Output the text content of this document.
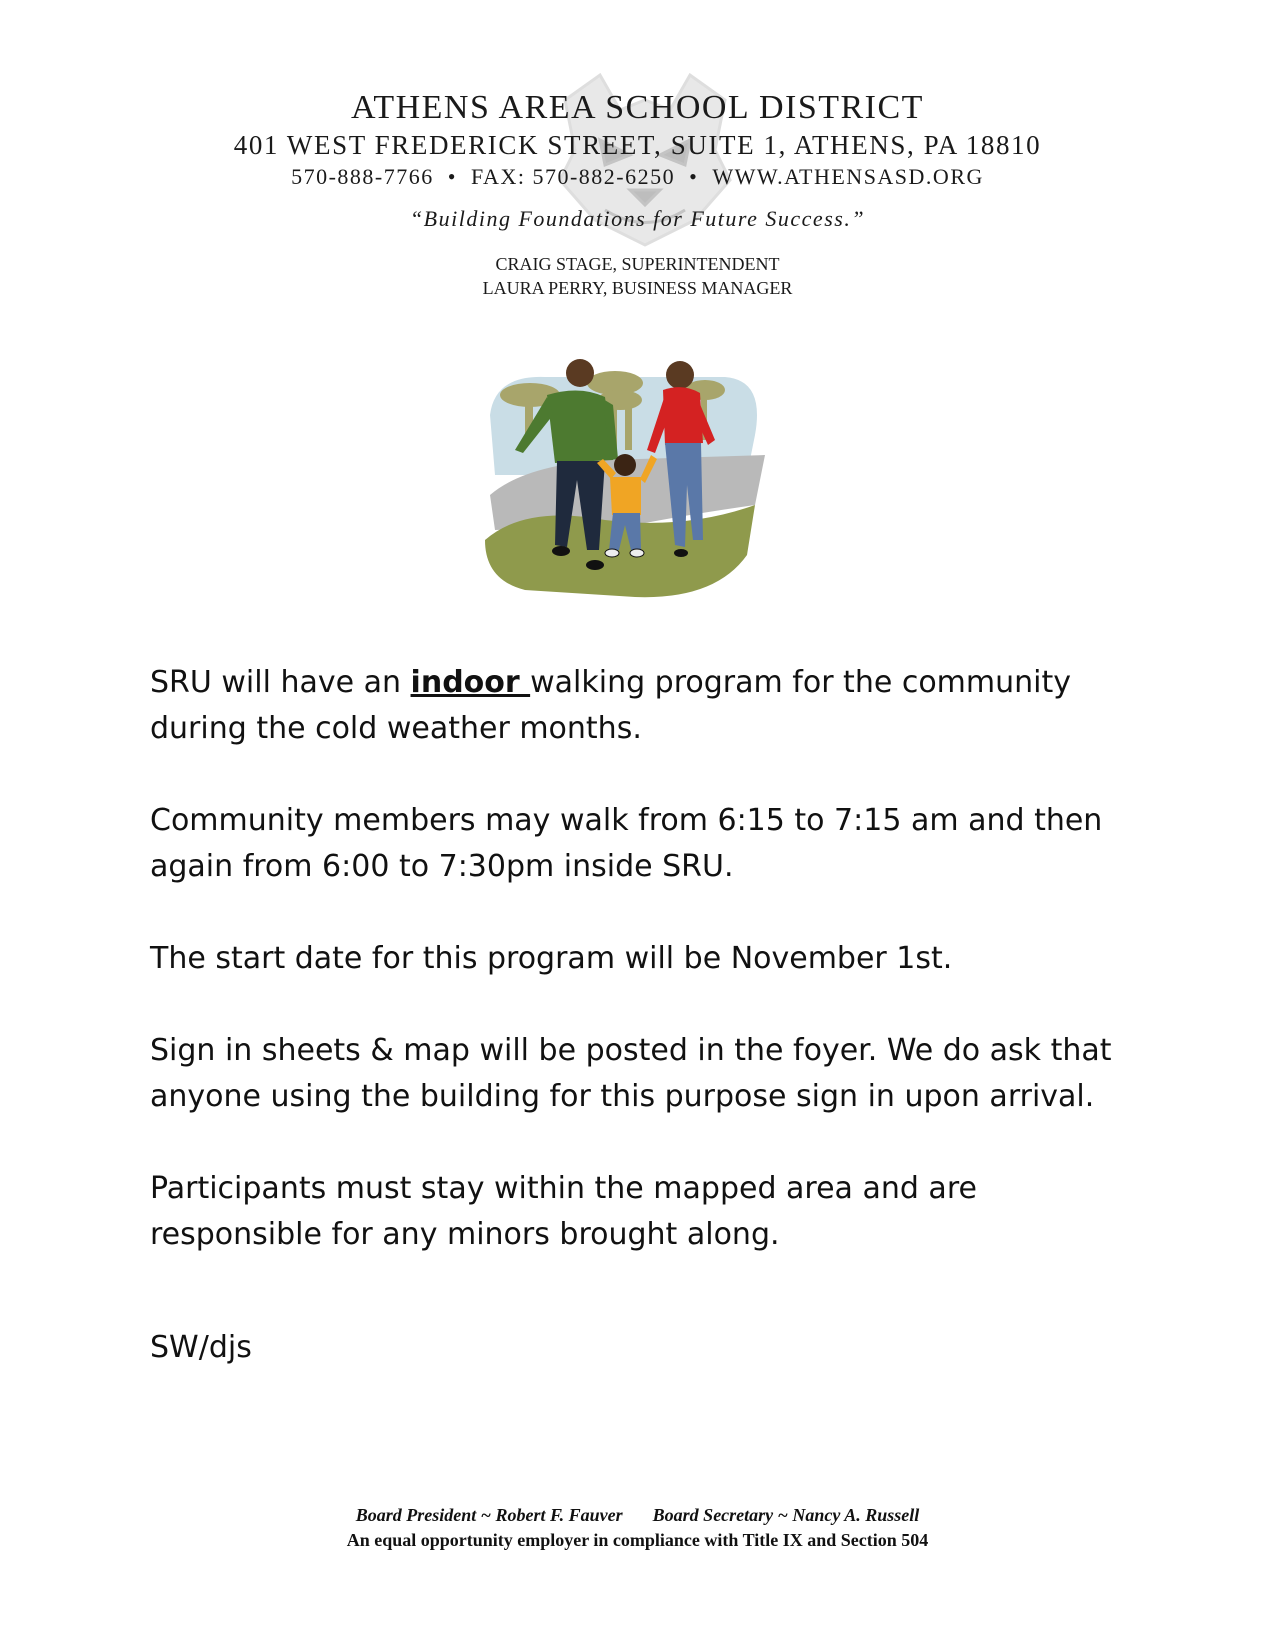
ATHENS AREA SCHOOL DISTRICT
401 WEST FREDERICK STREET, SUITE 1, ATHENS, PA 18810
570-888-7766 • FAX: 570-882-6250 • WWW.ATHENSASD.ORG
“Building Foundations for Future Success.”
CRAIG STAGE, SUPERINTENDENT
LAURA PERRY, BUSINESS MANAGER

SRU will have an indoor walking program for the community during the cold weather months.

Community members may walk from 6:15 to 7:15 am and then again from 6:00 to 7:30pm inside SRU.

The start date for this program will be November 1st.

Sign in sheets & map will be posted in the foyer. We do ask that anyone using the building for this purpose sign in upon arrival.

Participants must stay within the mapped area and are responsible for any minors brought along.

SW/djs
Board President ~ Robert F. Fauver Board Secretary ~ Nancy A. Russell
An equal opportunity employer in compliance with Title IX and Section 504
